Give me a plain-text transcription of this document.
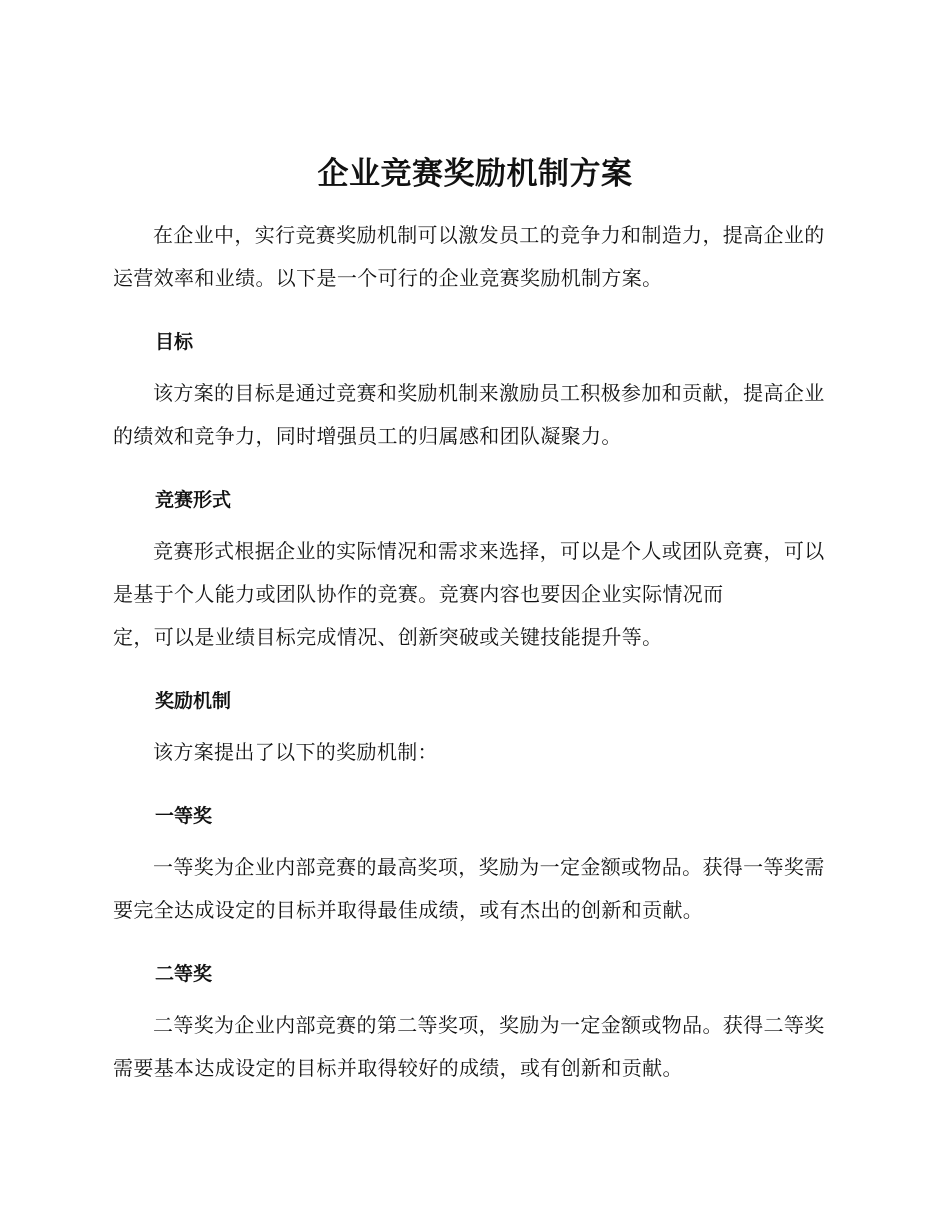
企业竞赛奖励机制方案

在企业中，实行竞赛奖励机制可以激发员工的竞争力和制造力，提高企业的运营效率和业绩。以下是一个可行的企业竞赛奖励机制方案。

目标

该方案的目标是通过竞赛和奖励机制来激励员工积极参加和贡献，提高企业的绩效和竞争力，同时增强员工的归属感和团队凝聚力。

竞赛形式

竞赛形式根据企业的实际情况和需求来选择，可以是个人或团队竞赛，可以是基于个人能力或团队协作的竞赛。竞赛内容也要因企业实际情况而

定，可以是业绩目标完成情况、创新突破或关键技能提升等。

奖励机制

该方案提出了以下的奖励机制：

一等奖

一等奖为企业内部竞赛的最高奖项，奖励为一定金额或物品。获得一等奖需要完全达成设定的目标并取得最佳成绩，或有杰出的创新和贡献。

二等奖

二等奖为企业内部竞赛的第二等奖项，奖励为一定金额或物品。获得二等奖需要基本达成设定的目标并取得较好的成绩，或有创新和贡献。
